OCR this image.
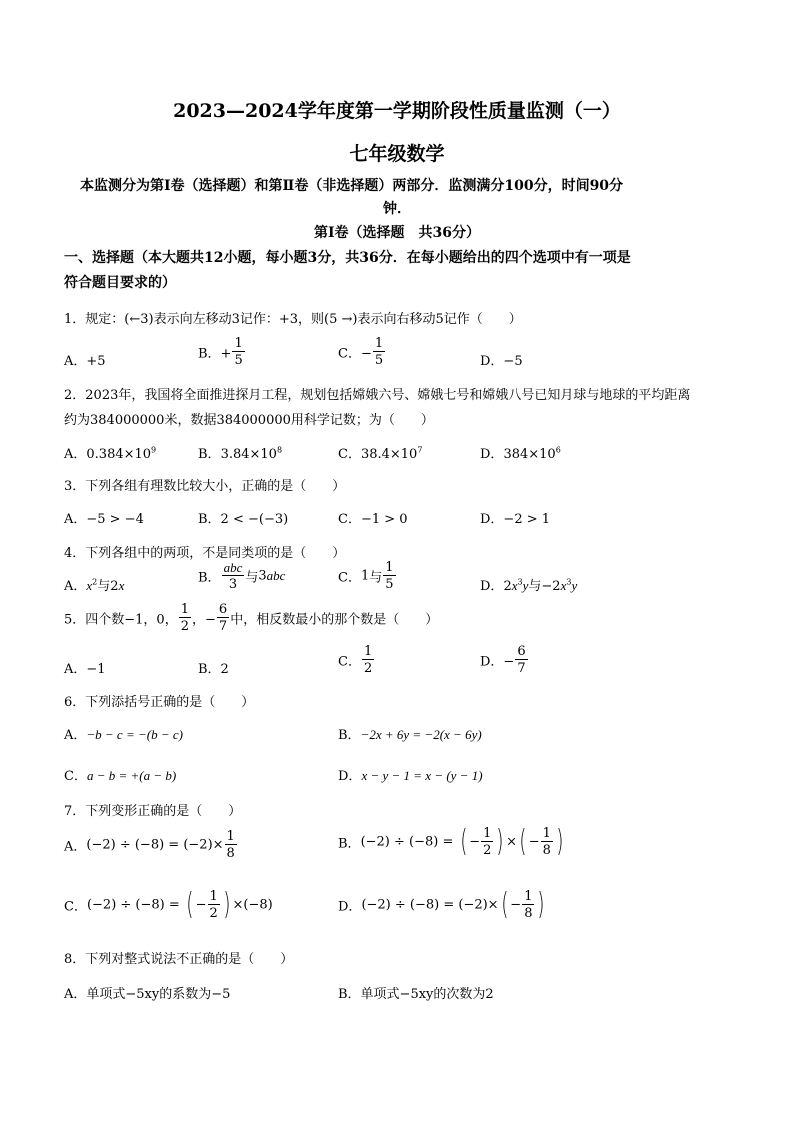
2023—2024学年度第一学期阶段性质量监测（一）
七年级数学
本监测分为第Ⅰ卷（选择题）和第Ⅱ卷（非选择题）两部分．监测满分100分，时间90分
钟．
第Ⅰ卷（选择题　共36分）
一、选择题（本大题共12小题，每小题3分，共36分．在每小题给出的四个选项中有一项是
符合题目要求的）
1．规定：(←3)表示向左移动3记作：+3，则(5 →)表示向右移动5记作（　　）
A．+5	B．+ $\frac{1}{5}$	C．− $\frac{1}{5}$	D．−5
2．2023年，我国将全面推进探月工程，规划包括嫦娥六号、嫦娥七号和嫦娥八号已知月球与地球的平均距离
约为384000000米，数据384000000用科学记数；为（　　）
A．$0.384\times 10^9$	B．$3.84\times 10^8$	C．$38.4\times 10^7$	D．$384\times 10^6$
3．下列各组有理数比较大小，正确的是（　　）
A．−5 > −4	B．2 < −(−3)	C．−1 > 0	D．−2 > 1
4．下列各组中的两项，不是同类项的是（　　）
A．$x^2$与2x	B． $\frac{\text{abc}}{3}$ 与3abc	C．1与 $\frac{1}{5}$	D．$2x^3y$与$-2x^3y$
5．四个数−1，0， $\frac{1}{2}$ ，− $\frac{6}{7}$ 中，相反数最小的那个数是（　　）
A．−1	B．2	C． $\frac{1}{2}$	D．− $\frac{6}{7}$
6．下列添括号正确的是（　　）
A．−b − c = −(b − c)	B．−2x + 6y = −2(x − 6y)
C．a − b = +(a − b)	D．x − y − 1 = x − (y − 1)
7．下列变形正确的是（　　）
A．$(-2) \div (-8) = (-2)\times \frac{1}{8}$	B．(−2) ÷ (−8) = ( − $\frac{1}{2}$ ) ×( − $\frac{1}{8}$ )
C．(−2) ÷ (−8) = ( − $\frac{1}{2}$ ) ×(−8)	D．$(-2) \div (-8) = (-2)\times( - \frac{1}{8}$ )
8．下列对整式说法不正确的是（　　）
A．单项式−5xy的系数为−5	B．单项式−5xy的次数为2
